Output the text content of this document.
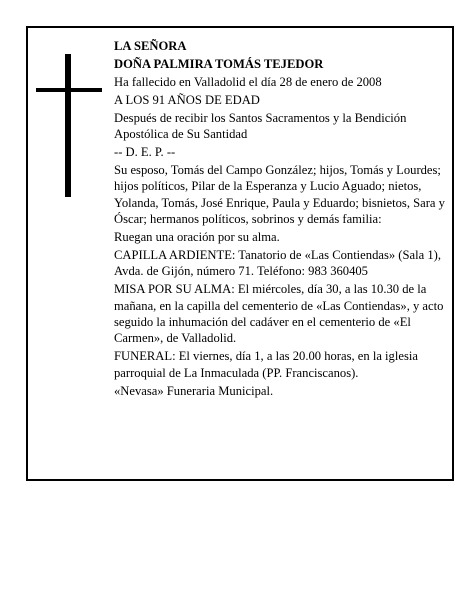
LA SEÑORA

DOÑA PALMIRA TOMÁS TEJEDOR

Ha fallecido en Valladolid el día 28 de enero de 2008

A LOS 91 AÑOS DE EDAD

Después de recibir los Santos Sacramentos y la Bendición Apostólica de Su Santidad

-- D. E. P. --

Su esposo, Tomás del Campo González; hijos, Tomás y Lourdes; hijos políticos, Pilar de la Esperanza y Lucio Aguado; nietos, Yolanda, Tomás, José Enrique, Paula y Eduardo; bisnietos, Sara y Óscar; hermanos políticos, sobrinos y demás familia:

Ruegan una oración por su alma.

CAPILLA ARDIENTE: Tanatorio de «Las Contiendas» (Sala 1), Avda. de Gijón, número 71. Teléfono: 983 360405

MISA POR SU ALMA: El miércoles, día 30, a las 10.30 de la mañana, en la capilla del cementerio de «Las Contiendas», y acto seguido la inhumación del cadáver en el cementerio de «El Carmen», de Valladolid.

FUNERAL: El viernes, día 1, a las 20.00 horas, en la iglesia parroquial de La Inmaculada (PP. Franciscanos).

«Nevasa» Funeraria Municipal.
